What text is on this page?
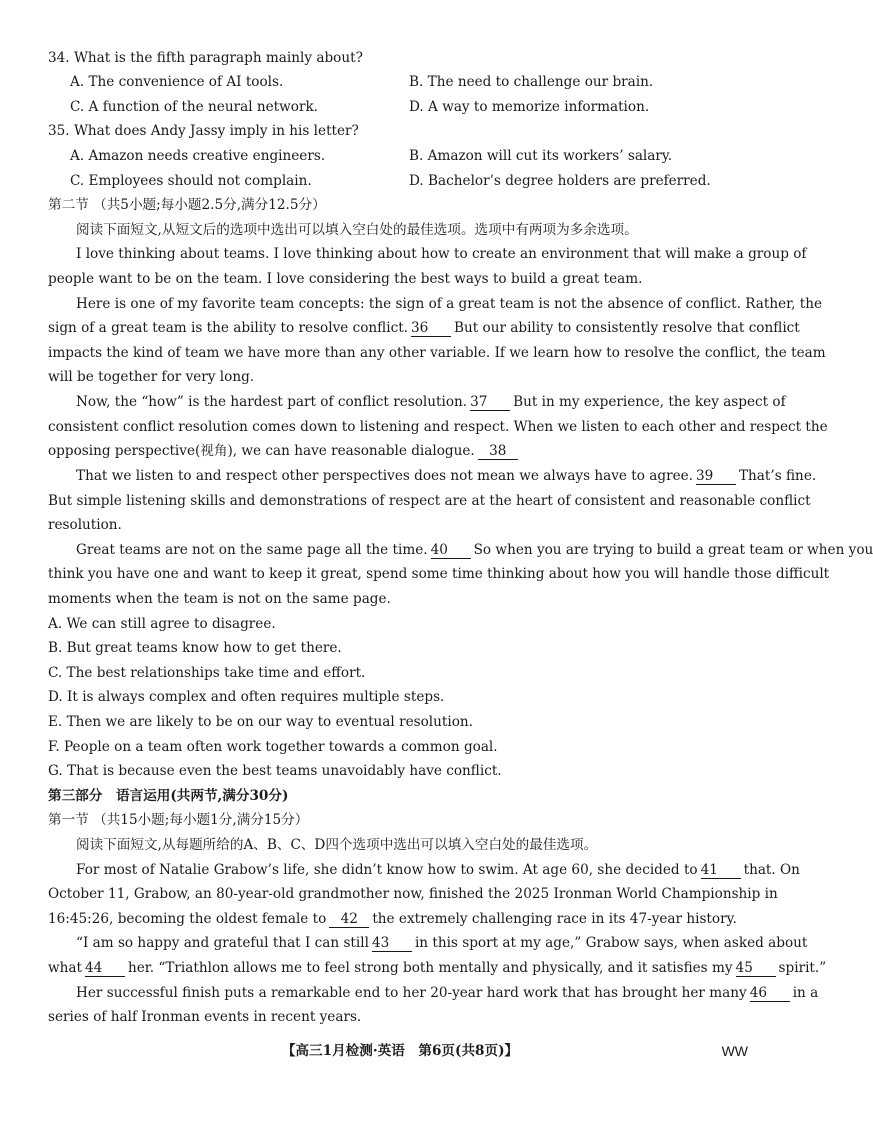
34. What is the fifth paragraph mainly about?
A. The convenience of AI tools.	B. The need to challenge our brain.
C. A function of the neural network.	D. A way to memorize information.
35. What does Andy Jassy imply in his letter?
A. Amazon needs creative engineers.	B. Amazon will cut its workers’ salary.
C. Employees should not complain.	D. Bachelor’s degree holders are preferred.
第二节 （共5小题;每小题2.5分,满分12.5分）
阅读下面短文,从短文后的选项中选出可以填入空白处的最佳选项。选项中有两项为多余选项。
I love thinking about teams. I love thinking about how to create an environment that will make a group of
people want to be on the team. I love considering the best ways to build a great team.
Here is one of my favorite team concepts: the sign of a great team is not the absence of conflict. Rather, the
sign of a great team is the ability to resolve conflict. 36 But our ability to consistently resolve that conflict
impacts the kind of team we have more than any other variable. If we learn how to resolve the conflict, the team
will be together for very long.
Now, the “how” is the hardest part of conflict resolution. 37 But in my experience, the key aspect of
consistent conflict resolution comes down to listening and respect. When we listen to each other and respect the
opposing perspective(视角), we can have reasonable dialogue. 38
That we listen to and respect other perspectives does not mean we always have to agree. 39 That’s fine.
But simple listening skills and demonstrations of respect are at the heart of consistent and reasonable conflict
resolution.
Great teams are not on the same page all the time. 40 So when you are trying to build a great team or when you
think you have one and want to keep it great, spend some time thinking about how you will handle those difficult
moments when the team is not on the same page.
A. We can still agree to disagree.
B. But great teams know how to get there.
C. The best relationships take time and effort.
D. It is always complex and often requires multiple steps.
E. Then we are likely to be on our way to eventual resolution.
F. People on a team often work together towards a common goal.
G. That is because even the best teams unavoidably have conflict.
第三部分　语言运用(共两节,满分30分)
第一节 （共15小题;每小题1分,满分15分）
阅读下面短文,从每题所给的A、B、C、D四个选项中选出可以填入空白处的最佳选项。
For most of Natalie Grabow’s life, she didn’t know how to swim. At age 60, she decided to 41 that. On
October 11, Grabow, an 80-year-old grandmother now, finished the 2025 Ironman World Championship in
16:45:26, becoming the oldest female to 42 the extremely challenging race in its 47-year history.
“I am so happy and grateful that I can still 43 in this sport at my age,” Grabow says, when asked about
what 44 her. “Triathlon allows me to feel strong both mentally and physically, and it satisfies my 45 spirit.”
Her successful finish puts a remarkable end to her 20-year hard work that has brought her many 46 in a
series of half Ironman events in recent years.
【高三1月检测·英语　第6页(共8页)】	WW
